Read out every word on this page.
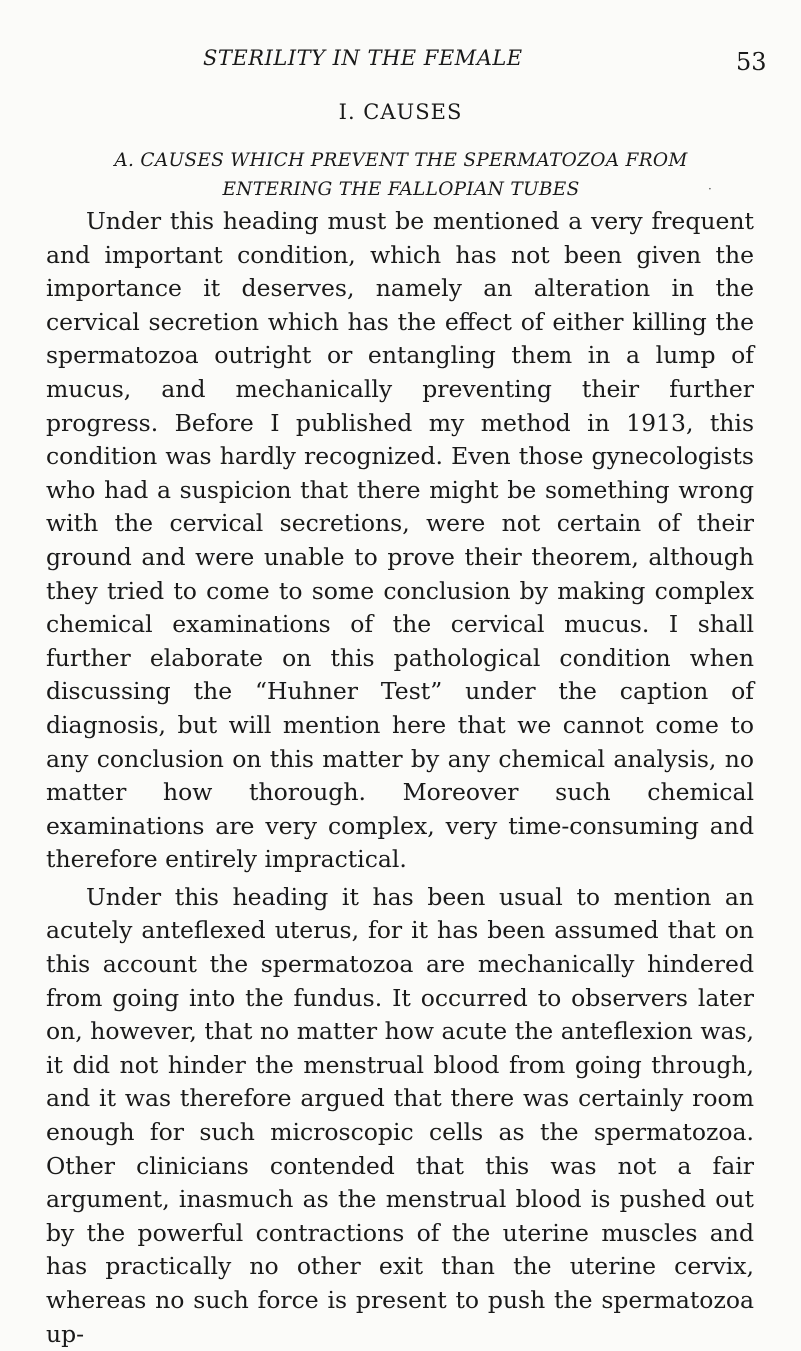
STERILITY IN THE FEMALE	53
I. CAUSES
A. CAUSES WHICH PREVENT THE SPERMATOZOA FROM
ENTERING THE FALLOPIAN TUBES	·

Under this heading must be mentioned a very frequent and important condition, which has not been given the importance it deserves, namely an alteration in the cervical secretion which has the effect of either killing the spermatozoa outright or entangling them in a lump of mucus, and mechanically preventing their further progress. Before I published my method in 1913, this condition was hardly recognized. Even those gynecologists who had a suspicion that there might be something wrong with the cervical secretions, were not certain of their ground and were unable to prove their theorem, although they tried to come to some conclusion by making complex chemical examinations of the cervical mucus. I shall further elaborate on this pathological condition when discussing the “Huhner Test” under the caption of diagnosis, but will mention here that we cannot come to any conclusion on this matter by any chemical analysis, no matter how thorough. Moreover such chemical examinations are very complex, very time-consuming and therefore entirely impractical.

Under this heading it has been usual to mention an acutely anteflexed uterus, for it has been assumed that on this account the spermatozoa are mechanically hindered from going into the fundus. It occurred to observers later on, however, that no matter how acute the anteflexion was, it did not hinder the menstrual blood from going through, and it was therefore argued that there was certainly room enough for such microscopic cells as the spermatozoa. Other clinicians contended that this was not a fair argument, inasmuch as the menstrual blood is pushed out by the powerful contractions of the uterine muscles and has practically no other exit than the uterine cervix, whereas no such force is present to push the spermatozoa up-
